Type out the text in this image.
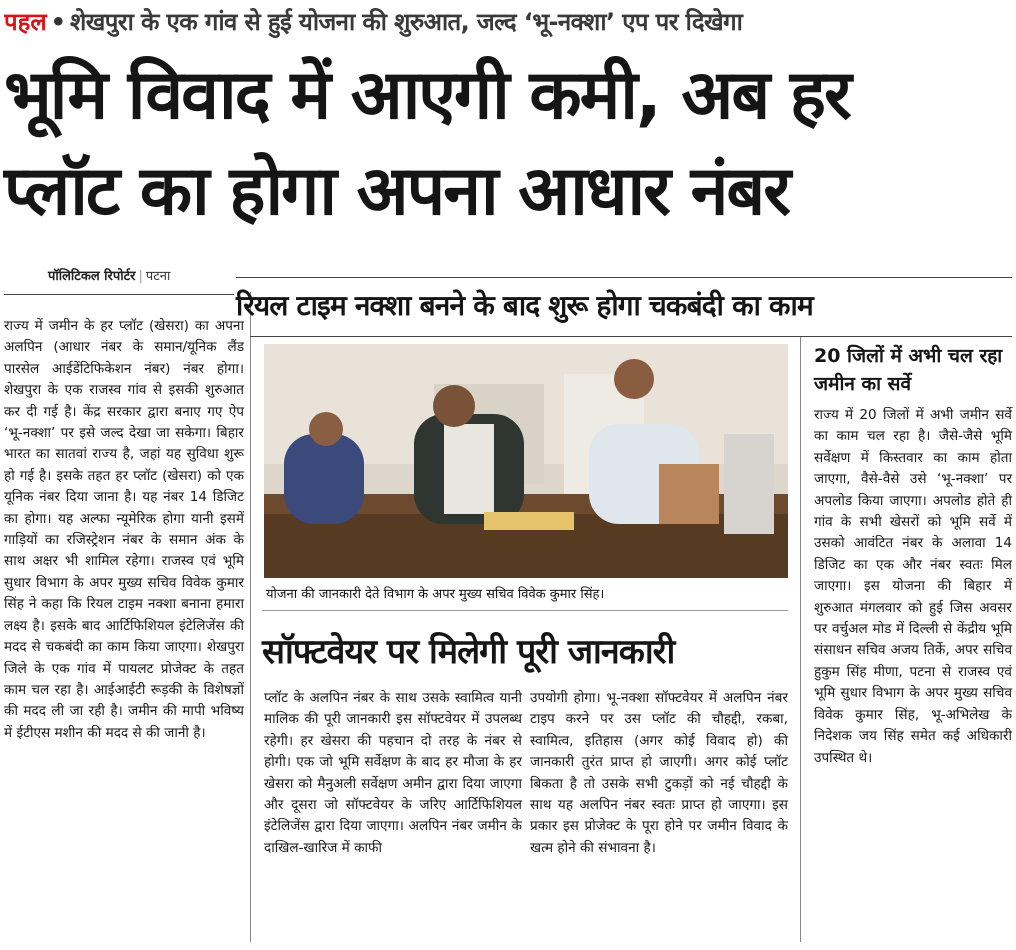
पहल • शेखपुरा के एक गांव से हुई योजना की शुरुआत, जल्द ‘भू-नक्शा’ एप पर दिखेगा
भूमि विवाद में आएगी कमी, अब हर
प्लॉट का होगा अपना आधार नंबर
पॉलिटिकल रिपोर्टर | पटना
रियल टाइम नक्शा बनने के बाद शुरू होगा चकबंदी का काम
राज्य में जमीन के हर प्लॉट (खेसरा) का अपना अलपिन (आधार नंबर के समान/यूनिक लैंड पारसेल आईडेंटिफिकेशन नंबर) नंबर होगा। शेखपुरा के एक राजस्व गांव से इसकी शुरुआत कर दी गई है। केंद्र सरकार द्वारा बनाए गए ऐप ‘भू-नक्शा’ पर इसे जल्द देखा जा सकेगा। बिहार भारत का सातवां राज्य है, जहां यह सुविधा शुरू हो गई है। इसके तहत हर प्लॉट (खेसरा) को एक यूनिक नंबर दिया जाना है। यह नंबर 14 डिजिट का होगा। यह अल्फा न्यूमेरिक होगा यानी इसमें गाड़ियों का रजिस्ट्रेशन नंबर के समान अंक के साथ अक्षर भी शामिल रहेगा। राजस्व एवं भूमि सुधार विभाग के अपर मुख्य सचिव विवेक कुमार सिंह ने कहा कि रियल टाइम नक्शा बनाना हमारा लक्ष्य है। इसके बाद आर्टिफिशियल इंटेलिजेंस की मदद से चकबंदी का काम किया जाएगा। शेखपुरा जिले के एक गांव में पायलट प्रोजेक्ट के तहत काम चल रहा है। आईआईटी रूड़की के विशेषज्ञों की मदद ली जा रही है। जमीन की मापी भविष्य में ईटीएस मशीन की मदद से की जानी है।
योजना की जानकारी देते विभाग के अपर मुख्य सचिव विवेक कुमार सिंह।
सॉफ्टवेयर पर मिलेगी पूरी जानकारी
प्लॉट के अलपिन नंबर के साथ उसके स्वामित्व यानी मालिक की पूरी जानकारी इस सॉफ्टवेयर में उपलब्ध रहेगी। हर खेसरा की पहचान दो तरह के नंबर से होगी। एक जो भूमि सर्वेक्षण के बाद हर मौजा के हर खेसरा को मैनुअली सर्वेक्षण अमीन द्वारा दिया जाएगा और दूसरा जो सॉफ्टवेयर के जरिए आर्टिफिशियल इंटेलिजेंस द्वारा दिया जाएगा। अलपिन नंबर जमीन के दाखिल-खारिज में काफी
उपयोगी होगा। भू-नक्शा सॉफ्टवेयर में अलपिन नंबर टाइप करने पर उस प्लॉट की चौहद्दी, रकबा, स्वामित्व, इतिहास (अगर कोई विवाद हो) की जानकारी तुरंत प्राप्त हो जाएगी। अगर कोई प्लॉट बिकता है तो उसके सभी टुकड़ों को नई चौहद्दी के साथ यह अलपिन नंबर स्वतः प्राप्त हो जाएगा। इस प्रकार इस प्रोजेक्ट के पूरा होने पर जमीन विवाद के खत्म होने की संभावना है।
20 जिलों में अभी चल रहा जमीन का सर्वे
राज्य में 20 जिलों में अभी जमीन सर्वे का काम चल रहा है। जैसे-जैसे भूमि सर्वेक्षण में किस्तवार का काम होता जाएगा, वैसे-वैसे उसे ‘भू-नक्शा’ पर अपलोड किया जाएगा। अपलोड होते ही गांव के सभी खेसरों को भूमि सर्वे में उसको आवंटित नंबर के अलावा 14 डिजिट का एक और नंबर स्वतः मिल जाएगा। इस योजना की बिहार में शुरुआत मंगलवार को हुई जिस अवसर पर वर्चुअल मोड में दिल्ली से केंद्रीय भूमि संसाधन सचिव अजय तिर्के, अपर सचिव हुकुम सिंह मीणा, पटना से राजस्व एवं भूमि सुधार विभाग के अपर मुख्य सचिव विवेक कुमार सिंह, भू-अभिलेख के निदेशक जय सिंह समेत कई अधिकारी उपस्थित थे।
